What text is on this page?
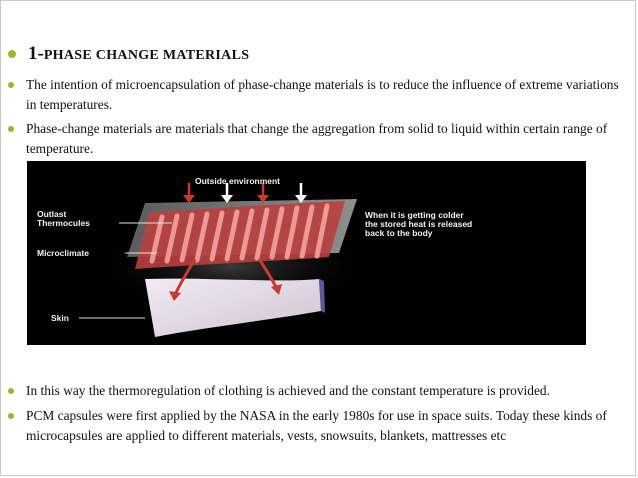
1-PHASE CHANGE MATERIALS
The intention of microencapsulation of phase-change materials is to reduce the influence of extreme variations in temperatures.
Phase-change materials are materials that change the aggregation from solid to liquid within certain range of temperature.
Outside environment
Outlast
Thermocules
Microclimate
Skin
When it is getting colder
the stored heat is released
back to the body
In this way the thermoregulation of clothing is achieved and the constant temperature is provided.
PCM capsules were first applied by the NASA in the early 1980s for use in space suits. Today these kinds of microcapsules are applied to different materials, vests, snowsuits, blankets, mattresses etc
